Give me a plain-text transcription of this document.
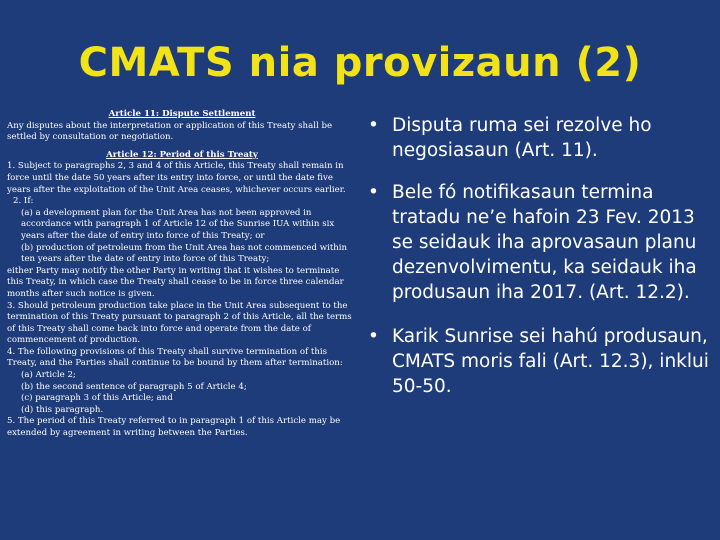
CMATS nia provizaun (2)

Article 11: Dispute Settlement

Any disputes about the interpretation or application of this Treaty shall be settled by consultation or negotiation.

Article 12: Period of this Treaty

1. Subject to paragraphs 2, 3 and 4 of this Article, this Treaty shall remain in force until the date 50 years after its entry into force, or until the date five years after the exploitation of the Unit Area ceases, whichever occurs earlier.

2. If:

(a) a development plan for the Unit Area has not been approved in accordance with paragraph 1 of Article 12 of the Sunrise IUA within six years after the date of entry into force of this Treaty; or

(b) production of petroleum from the Unit Area has not commenced within ten years after the date of entry into force of this Treaty;

either Party may notify the other Party in writing that it wishes to terminate this Treaty, in which case the Treaty shall cease to be in force three calendar months after such notice is given.

3. Should petroleum production take place in the Unit Area subsequent to the termination of this Treaty pursuant to paragraph 2 of this Article, all the terms of this Treaty shall come back into force and operate from the date of commencement of production.

4. The following provisions of this Treaty shall survive termination of this Treaty, and the Parties shall continue to be bound by them after termination:

(a) Article 2;

(b) the second sentence of paragraph 5 of Article 4;

(c) paragraph 3 of this Article; and

(d) this paragraph.

5. The period of this Treaty referred to in paragraph 1 of this Article may be extended by agreement in writing between the Parties.

• Disputa ruma sei rezolve ho negosiasaun (Art. 11).
• Bele fó notifikasaun termina tratadu ne’e hafoin 23 Fev. 2013 se seidauk iha aprovasaun planu dezenvolvimentu, ka seidauk iha produsaun iha 2017. (Art. 12.2).
• Karik Sunrise sei hahú produsaun, CMATS moris fali (Art. 12.3), inklui 50-50.
